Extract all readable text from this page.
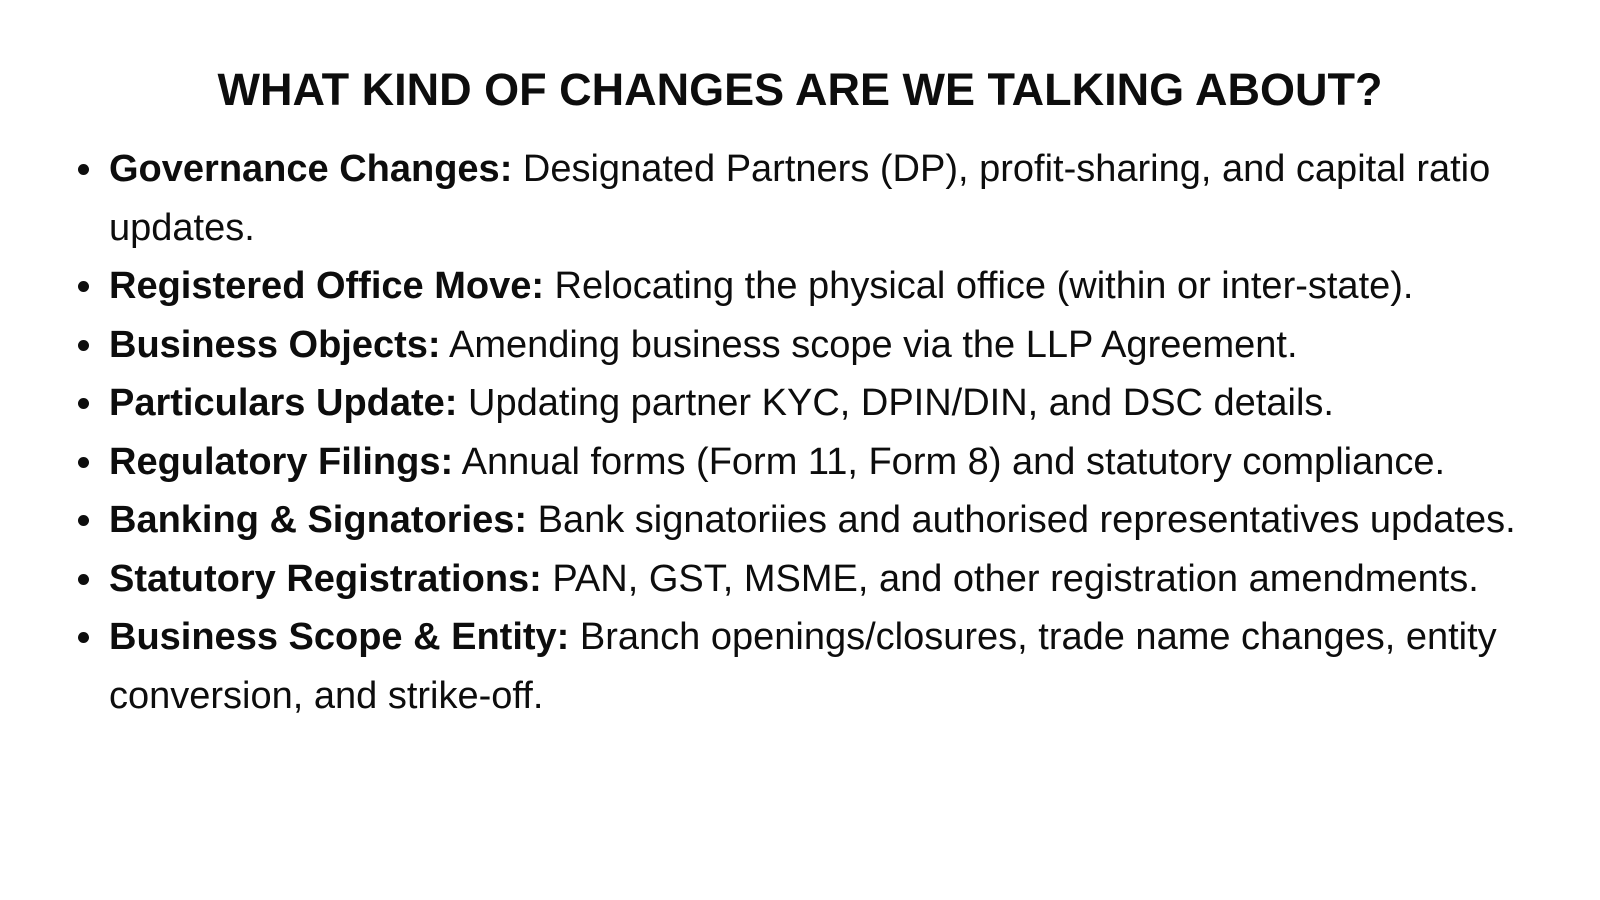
WHAT KIND OF CHANGES ARE WE TALKING ABOUT?
Governance Changes: Designated Partners (DP), profit-sharing, and capital ratio updates.
Registered Office Move: Relocating the physical office (within or inter-state).
Business Objects: Amending business scope via the LLP Agreement.
Particulars Update: Updating partner KYC, DPIN/DIN, and DSC details.
Regulatory Filings: Annual forms (Form 11, Form 8) and statutory compliance.
Banking & Signatories: Bank signatoriies and authorised representatives updates.
Statutory Registrations: PAN, GST, MSME, and other registration amendments.
Business Scope & Entity: Branch openings/closures, trade name changes, entity conversion, and strike-off.
